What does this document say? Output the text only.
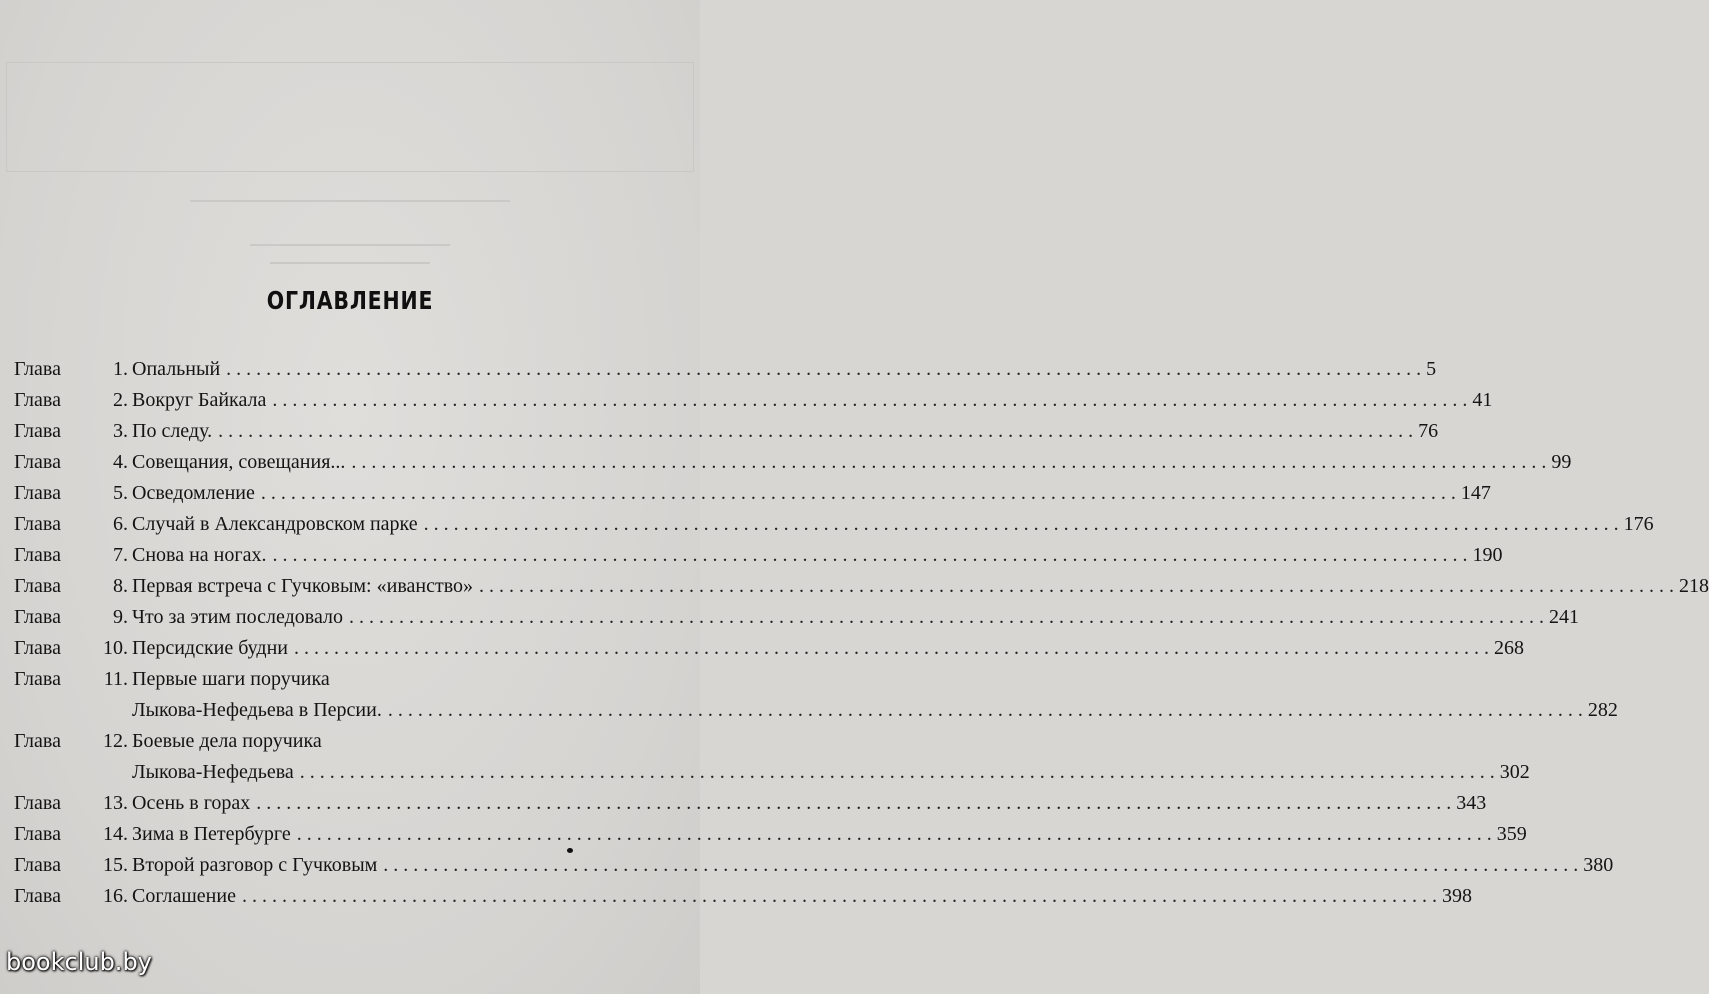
ОГЛАВЛЕНИЕ
Глава	1. Опальный ........................................................................................................................ 5
Глава	2. Вокруг Байкала ........................................................................................................................ 41
Глава	3. По следу. ........................................................................................................................ 76
Глава	4. Совещания, совещания... ........................................................................................................................ 99
Глава	5. Осведомление ........................................................................................................................ 147
Глава	6. Случай в Александровском парке ........................................................................................................................ 176
Глава	7. Снова на ногах. ........................................................................................................................ 190
Глава	8. Первая встреча с Гучковым: «иванство» ........................................................................................................................ 218
Глава	9. Что за этим последовало ........................................................................................................................ 241
Глава	10. Персидские будни ........................................................................................................................ 268
Глава	11. Первые шаги поручика
Лыкова-Нефедьева в Персии. ........................................................................................................................ 282
Глава	12. Боевые дела поручика
Лыкова-Нефедьева ........................................................................................................................ 302
Глава	13. Осень в горах ........................................................................................................................ 343
Глава	14. Зима в Петербурге ........................................................................................................................ 359
Глава	15. Второй разговор с Гучковым ........................................................................................................................ 380
Глава	16. Соглашение ........................................................................................................................ 398
bookclub.by
